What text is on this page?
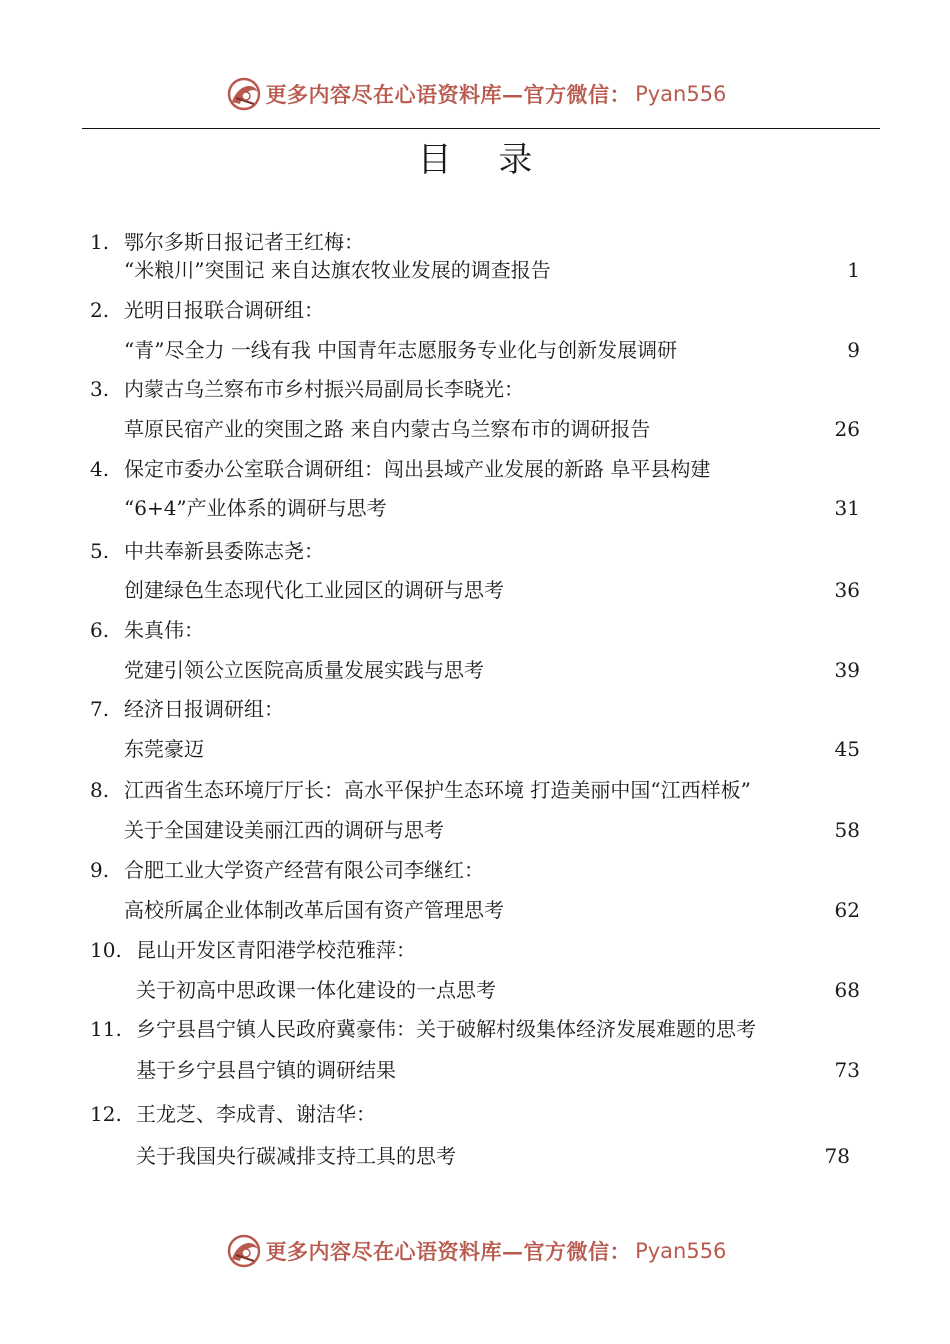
更多内容尽在心语资料库—官方微信： Pyan556
目 录
1. 鄂尔多斯日报记者王红梅：
“米粮川”突围记 来自达旗农牧业发展的调查报告	1
2. 光明日报联合调研组：
“青”尽全力 一线有我 中国青年志愿服务专业化与创新发展调研	9
3. 内蒙古乌兰察布市乡村振兴局副局长李晓光：
草原民宿产业的突围之路 来自内蒙古乌兰察布市的调研报告	26
4. 保定市委办公室联合调研组：闯出县域产业发展的新路 阜平县构建
“6+4”产业体系的调研与思考	31
5. 中共奉新县委陈志尧：
创建绿色生态现代化工业园区的调研与思考	36
6. 朱真伟：
党建引领公立医院高质量发展实践与思考	39
7. 经济日报调研组：
东莞豪迈	45
8. 江西省生态环境厅厅长：高水平保护生态环境 打造美丽中国“江西样板”
关于全国建设美丽江西的调研与思考	58
9. 合肥工业大学资产经营有限公司李继红：
高校所属企业体制改革后国有资产管理思考	62
10. 昆山开发区青阳港学校范雅萍：
关于初高中思政课一体化建设的一点思考	68
11. 乡宁县昌宁镇人民政府冀豪伟：关于破解村级集体经济发展难题的思考
基于乡宁县昌宁镇的调研结果	73
12. 王龙芝、李成青、谢洁华：
关于我国央行碳减排支持工具的思考	78
更多内容尽在心语资料库—官方微信： Pyan556
